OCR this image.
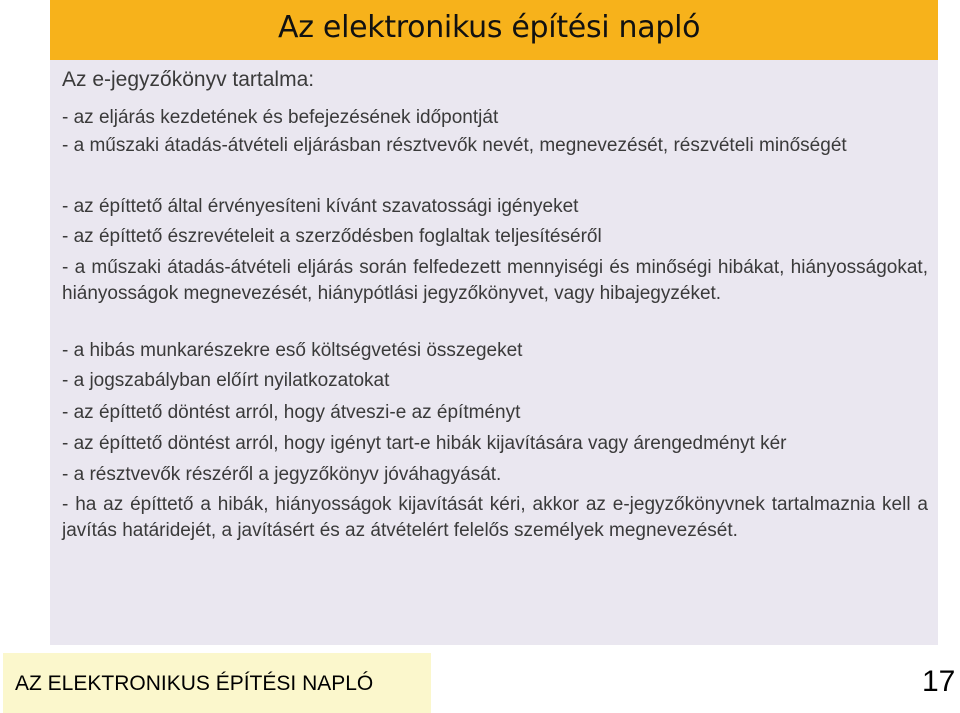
Az elektronikus építési napló
Az e-jegyzőkönyv tartalma:
- az eljárás kezdetének és befejezésének időpontját
- a műszaki átadás-átvételi eljárásban résztvevők nevét, megnevezését, részvételi minőségét
- az építtető által érvényesíteni kívánt szavatossági igényeket
- az építtető észrevételeit a szerződésben foglaltak teljesítéséről
- a műszaki átadás-átvételi eljárás során felfedezett mennyiségi és minőségi hibákat, hiányosságokat, hiányosságok megnevezését, hiánypótlási jegyzőkönyvet, vagy hibajegyzéket.
- a hibás munkarészekre eső költségvetési összegeket
- a jogszabályban előírt nyilatkozatokat
- az építtető döntést arról, hogy átveszi-e az építményt
- az építtető döntést arról, hogy igényt tart-e hibák kijavítására vagy árengedményt kér
- a résztvevők részéről a jegyzőkönyv jóváhagyását.
- ha az építtető a hibák, hiányosságok kijavítását kéri, akkor az e-jegyzőkönyvnek tartalmaznia kell a javítás határidejét, a javításért és az átvételért felelős személyek megnevezését.
AZ ELEKTRONIKUS ÉPÍTÉSI NAPLÓ	17
